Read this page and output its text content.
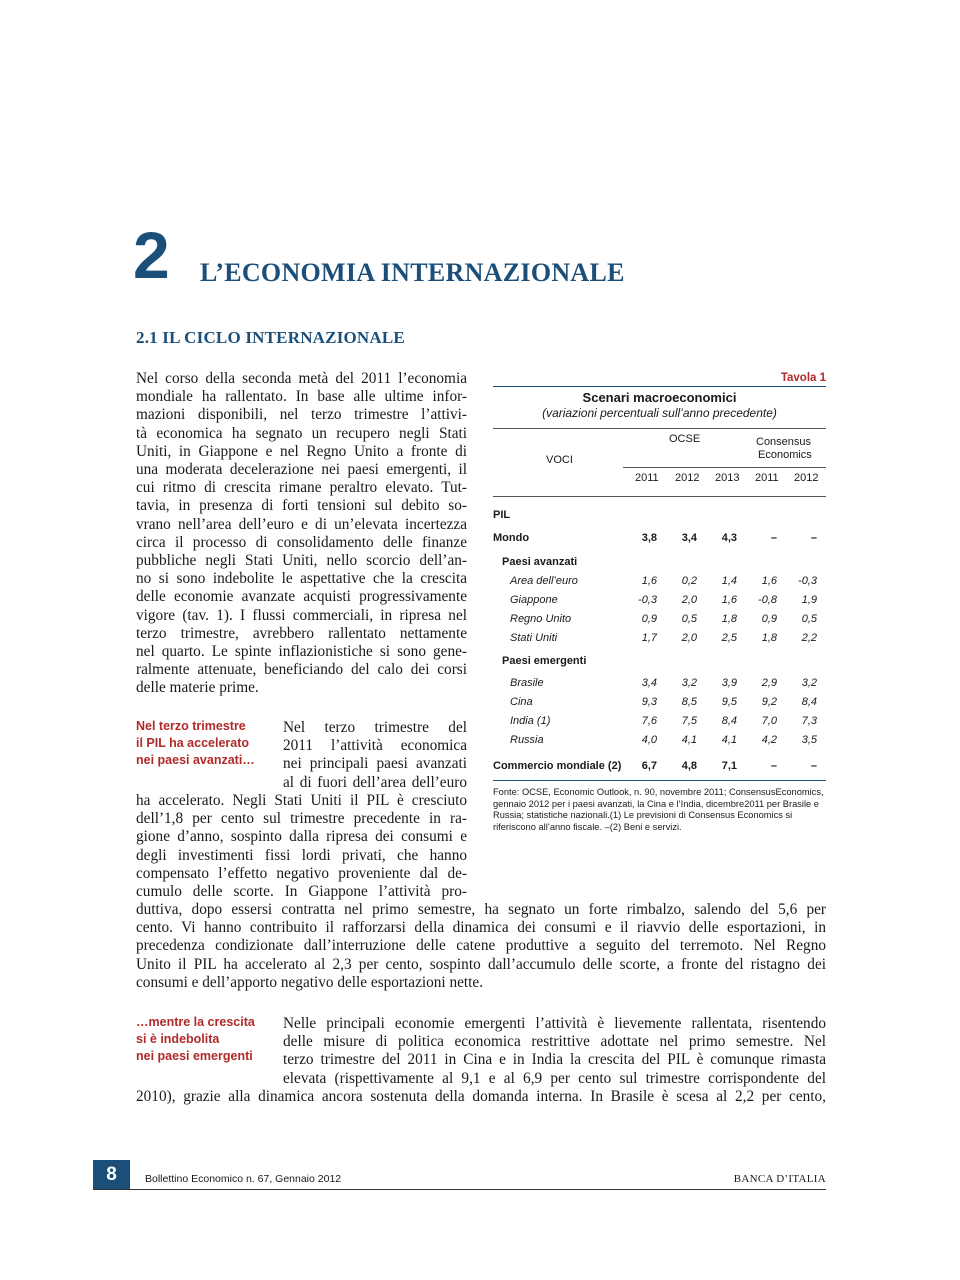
2 L’ECONOMIA INTERNAZIONALE
2.1 IL CICLO INTERNAZIONALE
Nel corso della seconda metà del 2011 l’economia
mondiale ha rallentato. In base alle ultime infor-
mazioni disponibili, nel terzo trimestre l’attivi-
tà economica ha segnato un recupero negli Stati
Uniti, in Giappone e nel Regno Unito a fronte di
una moderata decelerazione nei paesi emergenti, il
cui ritmo di crescita rimane peraltro elevato. Tut-
tavia, in presenza di forti tensioni sul debito so-
vrano nell’area dell’euro e di un’elevata incertezza
circa il processo di consolidamento delle finanze
pubbliche negli Stati Uniti, nello scorcio dell’an-
no si sono indebolite le aspettative che la crescita
delle economie avanzate acquisti progressivamente
vigore (tav. 1). I flussi commerciali, in ripresa nel
terzo trimestre, avrebbero rallentato nettamente
nel quarto. Le spinte inflazionistiche si sono gene-
ralmente attenuate, beneficiando del calo dei corsi
delle materie prime.
Nel terzo trimestre
il PIL ha accelerato
nei paesi avanzati…
Nel terzo trimestre del
2011 l’attività economica
nei principali paesi avanzati
al di fuori dell’area dell’euro
ha accelerato. Negli Stati Uniti il PIL è cresciuto
dell’1,8 per cento sul trimestre precedente in ra-
gione d’anno, sospinto dalla ripresa dei consumi e
degli investimenti fissi lordi privati, che hanno
compensato l’effetto negativo proveniente dal de-
cumulo delle scorte. In Giappone l’attività pro-
duttiva, dopo essersi contratta nel primo semestre, ha segnato un forte rimbalzo, salendo del 5,6 per
cento. Vi hanno contribuito il rafforzarsi della dinamica dei consumi e il riavvio delle esportazioni, in
precedenza condizionate dall’interruzione delle catene produttive a seguito del terremoto. Nel Regno
Unito il PIL ha accelerato al 2,3 per cento, sospinto dall’accumulo delle scorte, a fronte del ristagno dei
consumi e dell’apporto negativo delle esportazioni nette.
…mentre la crescita
si è indebolita
nei paesi emergenti
Nelle principali economie emergenti l’attività è lievemente rallentata, risentendo
delle misure di politica economica restrittive adottate nel primo semestre. Nel
terzo trimestre del 2011 in Cina e in India la crescita del PIL è comunque rimasta
elevata (rispettivamente al 9,1 e al 6,9 per cento sul trimestre corrispondente del
2010), grazie alla dinamica ancora sostenuta della domanda interna. In Brasile è scesa al 2,2 per cento,
Tavola 1
Scenari macroeconomici
(variazioni percentuali sull’anno precedente)
VOCI
OCSE	Consensus
Economics
2011 2012 2013 2011 2012
PIL
Mondo	3,8	3,4	4,3	–	–
Paesi avanzati
Area dell’euro	1,6	0,2	1,4	1,6	-0,3
Giappone	-0,3	2,0	1,6	-0,8	1,9
Regno Unito	0,9	0,5	1,8	0,9	0,5
Stati Uniti	1,7	2,0	2,5	1,8	2,2
Paesi emergenti
Brasile	3,4	3,2	3,9	2,9	3,2
Cina	9,3	8,5	9,5	9,2	8,4
India (1)	7,6	7,5	8,4	7,0	7,3
Russia	4,0	4,1	4,1	4,2	3,5
Commercio mondiale (2)	6,7	4,8	7,1	–	–
Fonte: OCSE, Economic Outlook, n. 90, novembre 2011; ConsensusEconomics, gennaio 2012 per i paesi avanzati, la Cina e l’India, dicembre2011 per Brasile e Russia; statistiche nazionali.(1) Le previsioni di Consensus Economics si riferiscono all’anno fiscale. –(2) Beni e servizi.
8	Bollettino Economico n. 67, Gennaio 2012	BANCA D’ITALIA
